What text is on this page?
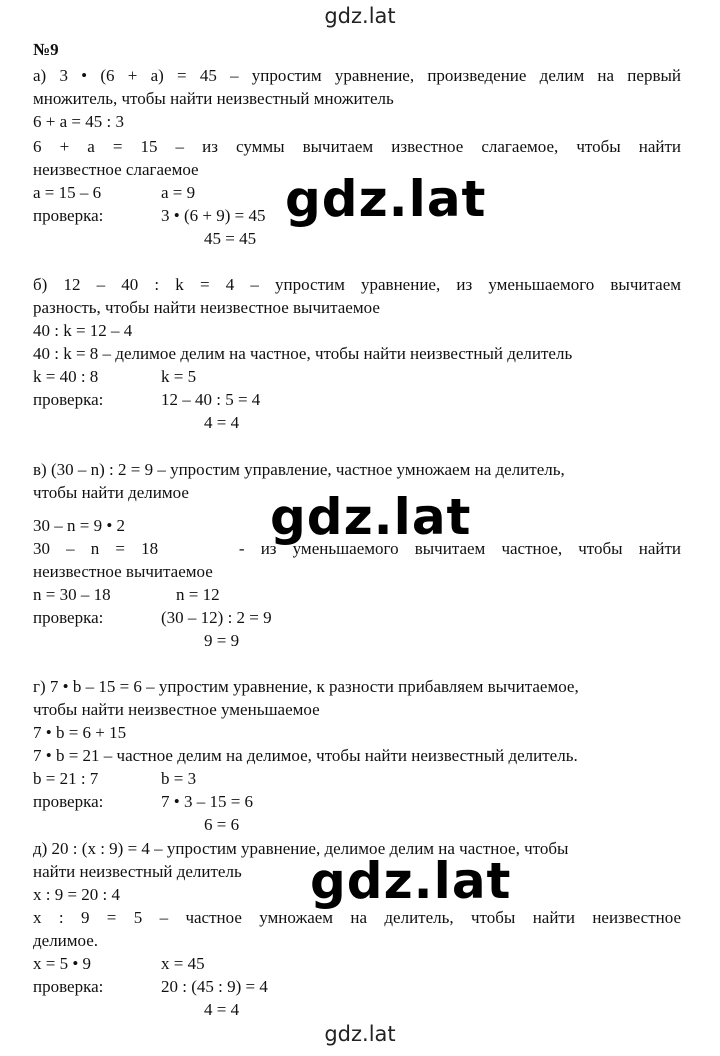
gdz.lat
№9
а) 3 • (6 + а) = 45 – упростим уравнение, произведение делим на первый
множитель, чтобы найти неизвестный множитель
6 + а = 45 : 3
6 + а = 15 – из суммы вычитаем известное слагаемое, чтобы найти
неизвестное слагаемое
а = 15 – 6	а = 9
проверка:	3 • (6 + 9) = 45
45 = 45
б) 12 – 40 : k = 4 – упростим уравнение, из уменьшаемого вычитаем
разность, чтобы найти неизвестное вычитаемое
40 : k = 12 – 4
40 : k = 8 – делимое делим на частное, чтобы найти неизвестный делитель
k = 40 : 8	k = 5
проверка:	12 – 40 : 5 = 4
4 = 4
в) (30 – n) : 2 = 9 – упростим управление, частное умножаем на делитель,
чтобы найти делимое
30 – n = 9 • 2
30 – n = 18     - из уменьшаемого вычитаем частное, чтобы найти
неизвестное вычитаемое
n = 30 – 18	n = 12
проверка:	(30 – 12) : 2 = 9
9 = 9
г) 7 • b – 15 = 6 – упростим уравнение, к разности прибавляем вычитаемое,
чтобы найти неизвестное уменьшаемое
7 • b = 6 + 15
7 • b = 21 – частное делим на делимое, чтобы найти неизвестный делитель.
b = 21 : 7	b = 3
проверка:	7 • 3 – 15 = 6
6 = 6
д) 20 : (x : 9) = 4 – упростим уравнение, делимое делим на частное, чтобы
найти неизвестный делитель
x : 9 = 20 : 4
x : 9 = 5 – частное умножаем на делитель, чтобы найти неизвестное
делимое.
x = 5 • 9	x = 45
проверка:	20 : (45 : 9) = 4
4 = 4
gdz.lat
gdz.lat
gdz.lat
gdz.lat
